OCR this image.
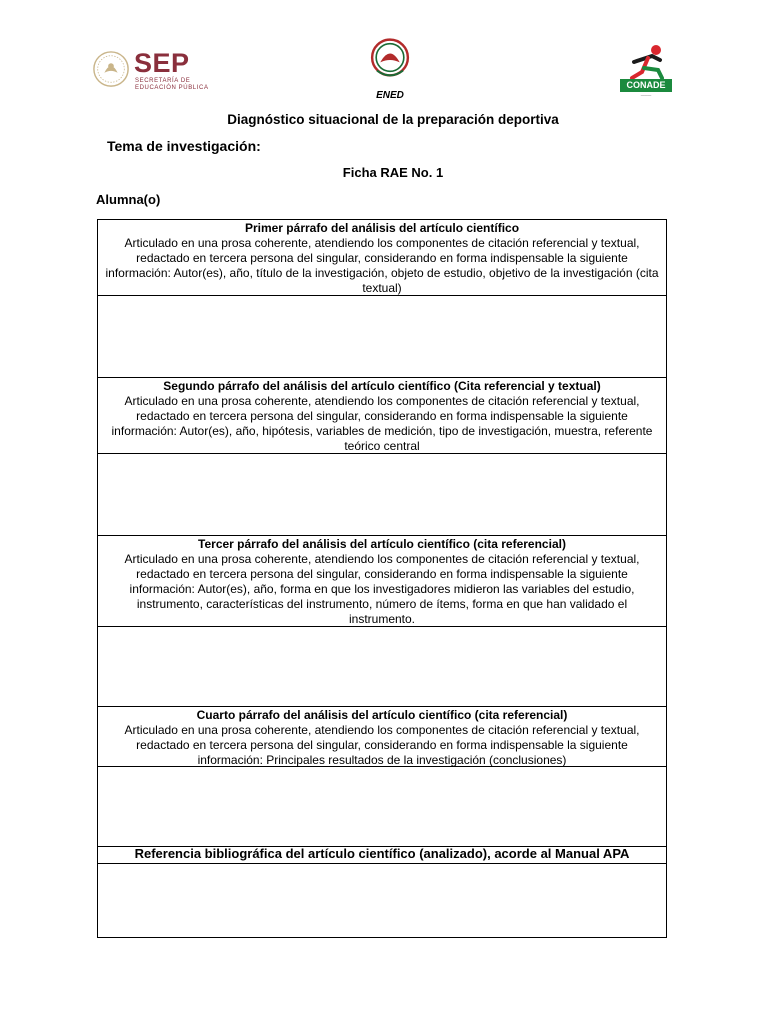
SEP
SECRETARÍA DE
EDUCACIÓN PÚBLICA
ENED
CONADE
———
Diagnóstico situacional de la preparación deportiva
Tema de investigación:
Ficha RAE No. 1
Alumna(o)
Primer párrafo del análisis del artículo científico
Articulado en una prosa coherente, atendiendo los componentes de citación referencial y textual, redactado en tercera persona del singular, considerando en forma indispensable la siguiente información: Autor(es), año, título de la investigación, objeto de estudio, objetivo de la investigación (cita textual)
Segundo párrafo del análisis del artículo científico (Cita referencial y textual)
Articulado en una prosa coherente, atendiendo los componentes de citación referencial y textual, redactado en tercera persona del singular, considerando en forma indispensable la siguiente información: Autor(es), año, hipótesis, variables de medición, tipo de investigación, muestra, referente teórico central
Tercer párrafo del análisis del artículo científico (cita referencial)
Articulado en una prosa coherente, atendiendo los componentes de citación referencial y textual, redactado en tercera persona del singular, considerando en forma indispensable la siguiente información: Autor(es), año, forma en que los investigadores midieron las variables del estudio, instrumento, características del instrumento, número de ítems, forma en que han validado el instrumento.
Cuarto párrafo del análisis del artículo científico (cita referencial)
Articulado en una prosa coherente, atendiendo los componentes de citación referencial y textual, redactado en tercera persona del singular, considerando en forma indispensable la siguiente información: Principales resultados de la investigación (conclusiones)
Referencia bibliográfica del artículo científico (analizado), acorde al Manual APA
